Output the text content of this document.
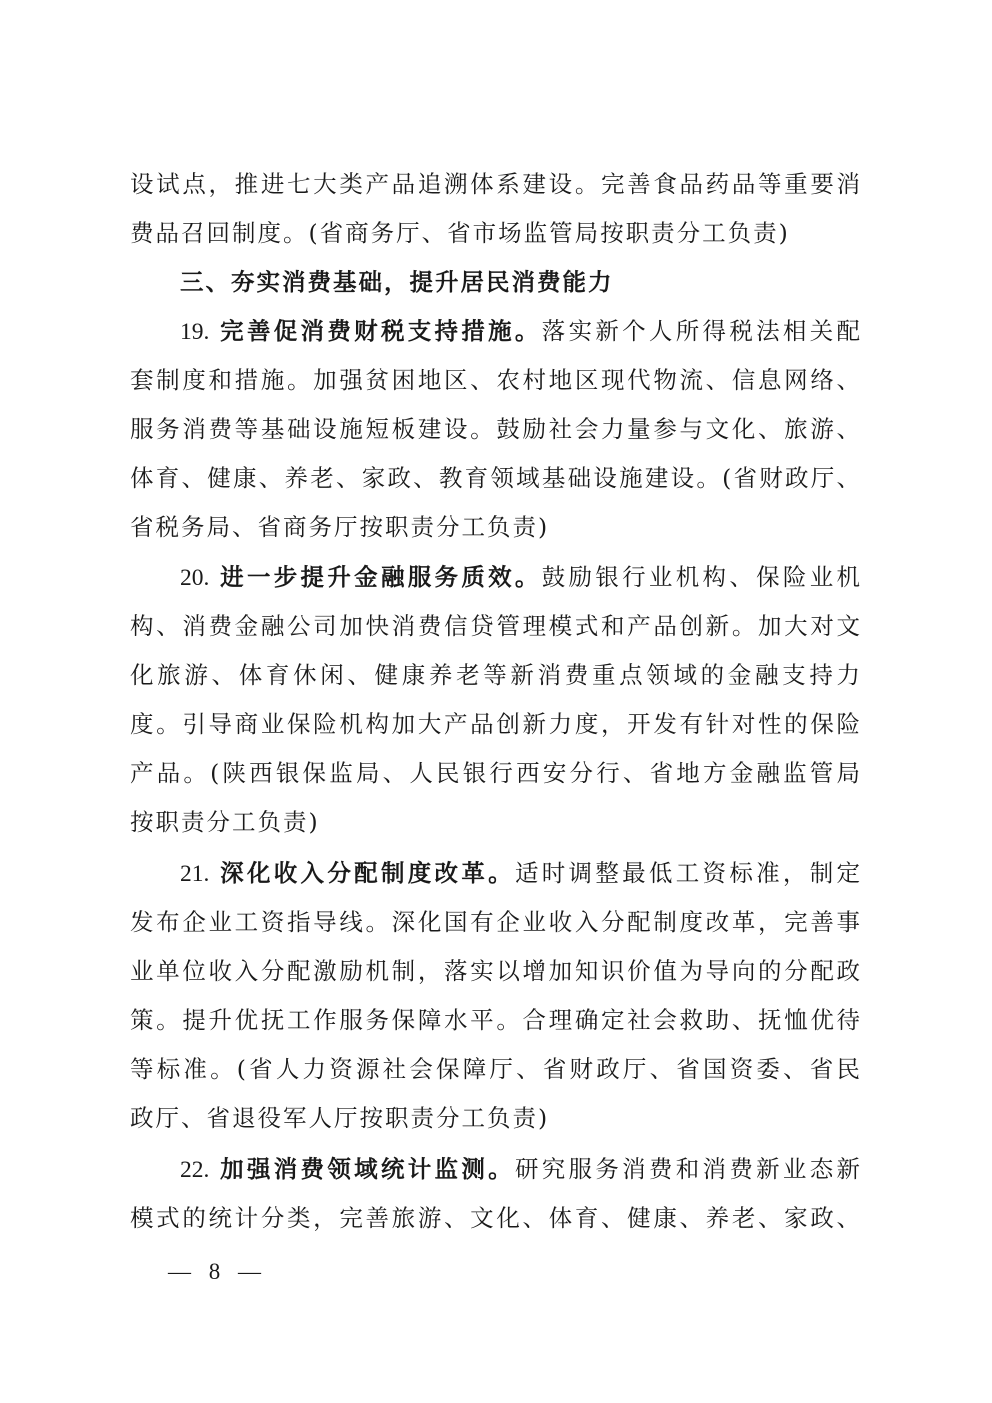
设试点，推进七大类产品追溯体系建设。完善食品药品等重要消
费品召回制度。(省商务厅、省市场监管局按职责分工负责)
三、夯实消费基础，提升居民消费能力
19. 完善促消费财税支持措施。落实新个人所得税法相关配
套制度和措施。加强贫困地区、农村地区现代物流、信息网络、
服务消费等基础设施短板建设。鼓励社会力量参与文化、旅游、
体育、健康、养老、家政、教育领域基础设施建设。(省财政厅、
省税务局、省商务厅按职责分工负责)
20. 进一步提升金融服务质效。鼓励银行业机构、保险业机
构、消费金融公司加快消费信贷管理模式和产品创新。加大对文
化旅游、体育休闲、健康养老等新消费重点领域的金融支持力
度。引导商业保险机构加大产品创新力度，开发有针对性的保险
产品。(陕西银保监局、人民银行西安分行、省地方金融监管局
按职责分工负责)
21. 深化收入分配制度改革。适时调整最低工资标准，制定
发布企业工资指导线。深化国有企业收入分配制度改革，完善事
业单位收入分配激励机制，落实以增加知识价值为导向的分配政
策。提升优抚工作服务保障水平。合理确定社会救助、抚恤优待
等标准。(省人力资源社会保障厅、省财政厅、省国资委、省民
政厅、省退役军人厅按职责分工负责)
22. 加强消费领域统计监测。研究服务消费和消费新业态新
模式的统计分类，完善旅游、文化、体育、健康、养老、家政、
— 8 —
